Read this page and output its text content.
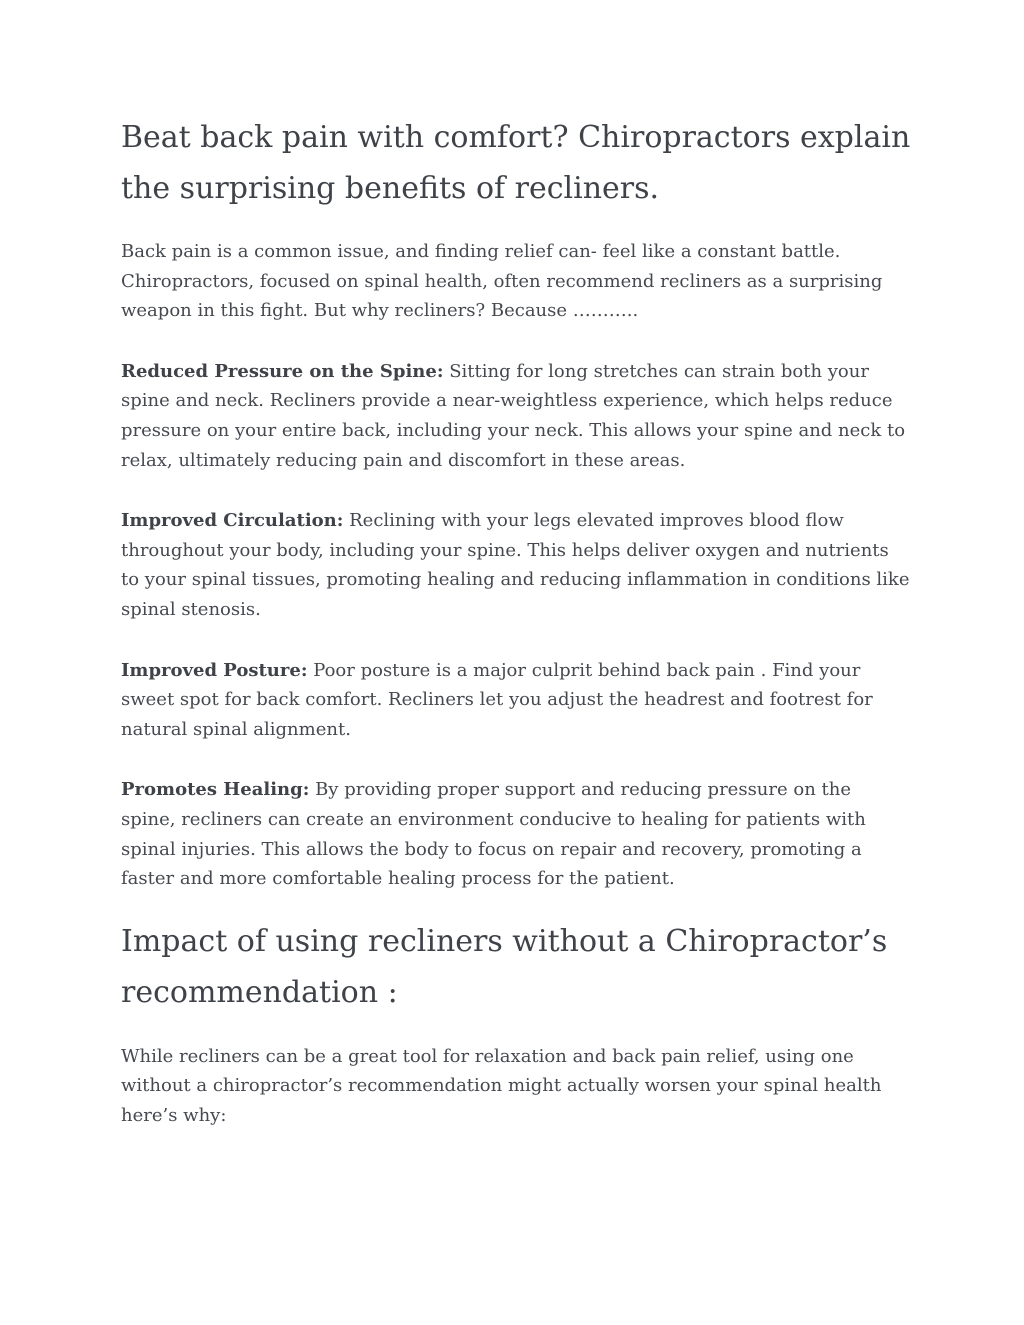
Beat back pain with comfort? Chiropractors explain the surprising benefits of recliners.

Back pain is a common issue, and finding relief can- feel like a constant battle. Chiropractors, focused on spinal health, often recommend recliners as a surprising weapon in this fight. But why recliners? Because ………..

Reduced Pressure on the Spine: Sitting for long stretches can strain both your spine and neck. Recliners provide a near-weightless experience, which helps reduce pressure on your entire back, including your neck. This allows your spine and neck to relax, ultimately reducing pain and discomfort in these areas.

Improved Circulation: Reclining with your legs elevated improves blood flow throughout your body, including your spine. This helps deliver oxygen and nutrients to your spinal tissues, promoting healing and reducing inflammation in conditions like spinal stenosis.

Improved Posture: Poor posture is a major culprit behind back pain . Find your sweet spot for back comfort. Recliners let you adjust the headrest and footrest for natural spinal alignment.

Promotes Healing: By providing proper support and reducing pressure on the spine, recliners can create an environment conducive to healing for patients with spinal injuries. This allows the body to focus on repair and recovery, promoting a faster and more comfortable healing process for the patient.

Impact of using recliners without a Chiropractor’s recommendation :

While recliners can be a great tool for relaxation and back pain relief, using one without a chiropractor’s recommendation might actually worsen your spinal health here’s why:
